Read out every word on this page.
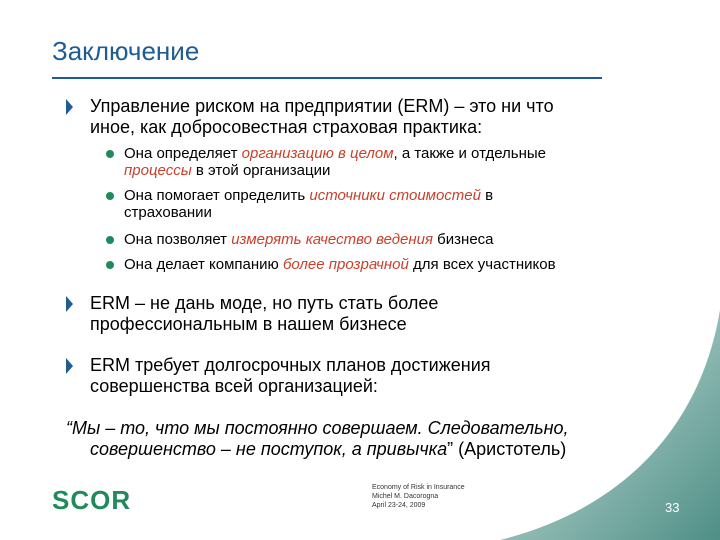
Заключение
Управление риском на предприятии (ERM) – это ни что
иное, как добросовестная страховая практика:
Она определяет организацию в целом, а также и отдельные
процессы в этой организации
Она помогает определить источники стоимостей в
страховании
Она позволяет измерять качество ведения бизнеса
Она делает компанию более прозрачной для всех участников
ERM – не дань моде, но путь стать более
профессиональным в нашем бизнесе
ERM требует долгосрочных планов достижения
совершенства всей организацией:
“Мы – то, что мы постоянно совершаем. Следовательно,
совершенство – не поступок, а привычка” (Аристотель)
SCOR	Economy of Risk in Insurance
Michel M. Dacorogna
April 23-24, 2009	33
